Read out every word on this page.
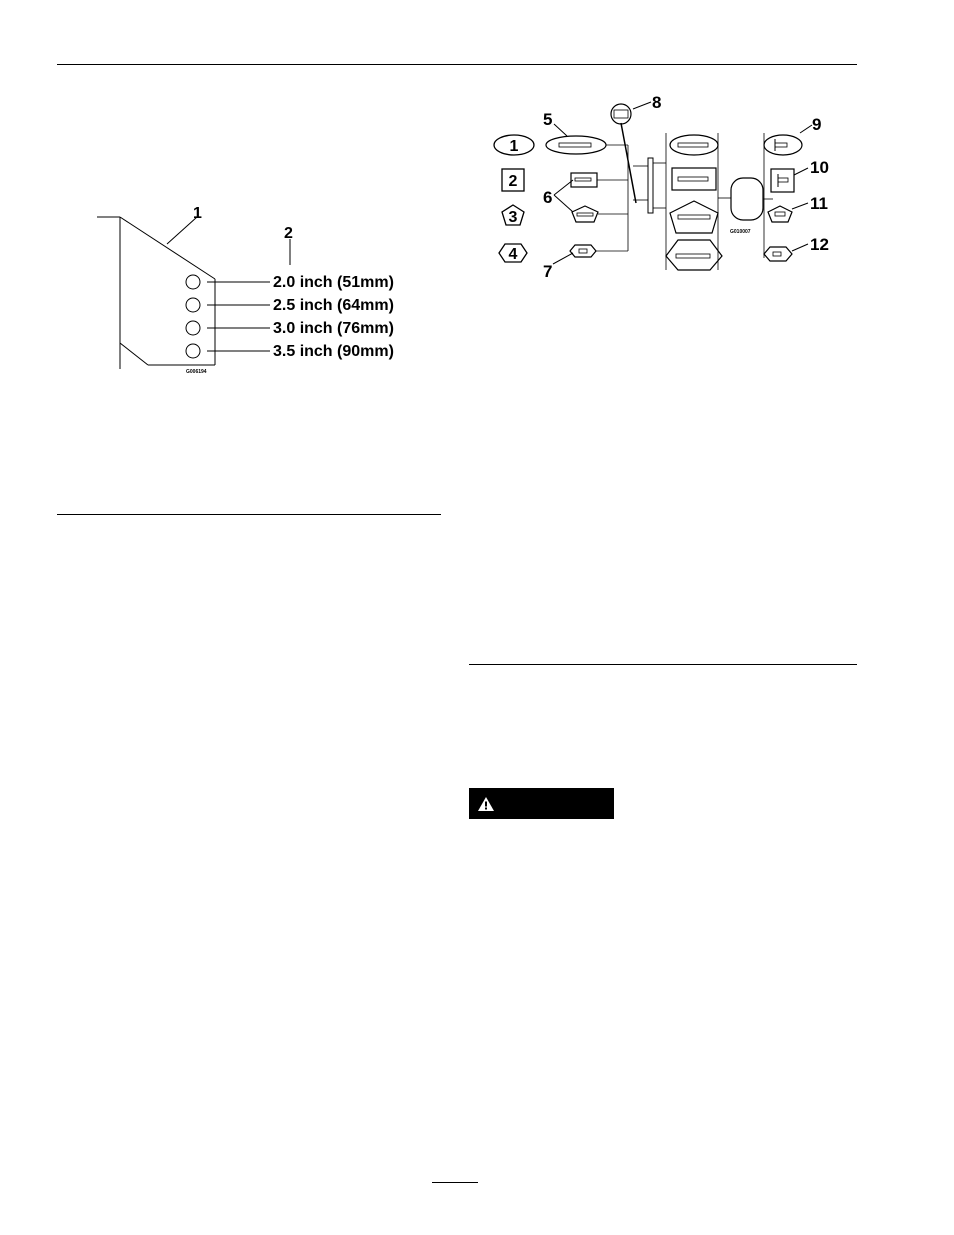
1
2
2.0 inch (51mm)
2.5 inch (64mm)
3.0 inch (76mm)
3.5 inch (90mm)
G006194
1
2
3
4
G010007
5
6
7
8
9
10
11
12
